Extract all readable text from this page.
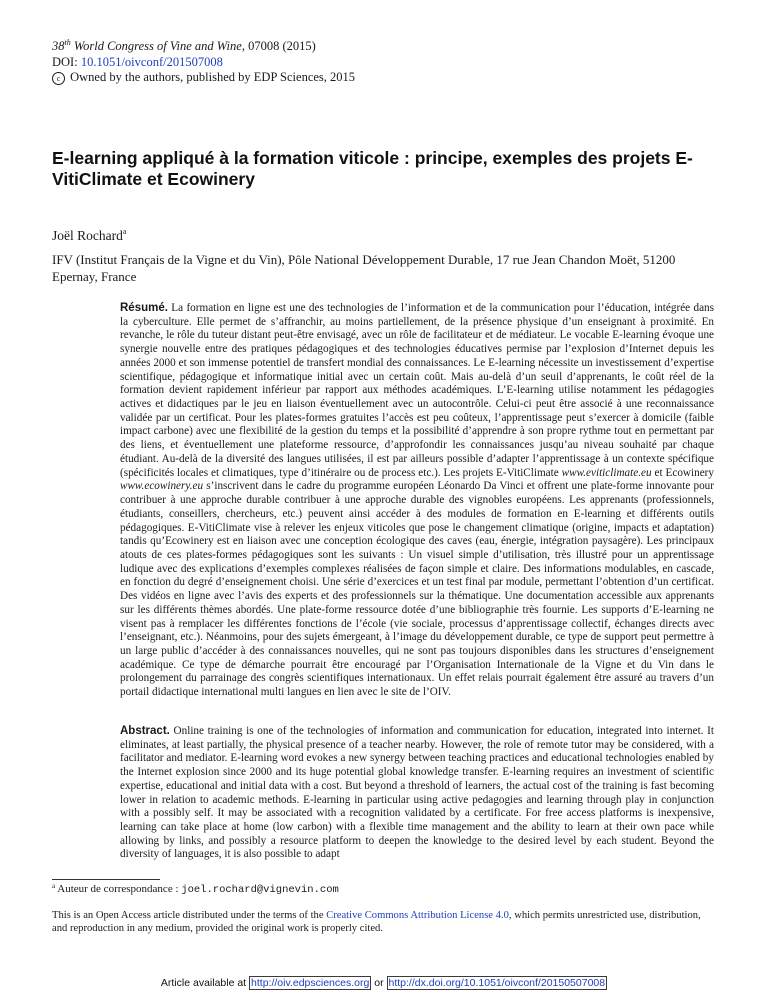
38th World Congress of Vine and Wine, 07008 (2015)
DOI: 10.1051/oivconf/201507008
c Owned by the authors, published by EDP Sciences, 2015
E-learning appliqué à la formation viticole : principe, exemples des projets E-VitiClimate et Ecowinery
Joël Rochard$^a$
IFV (Institut Français de la Vigne et du Vin), Pôle National Développement Durable, 17 rue Jean Chandon Moët, 51200 Epernay, France
Résumé. La formation en ligne est une des technologies de l’information et de la communication pour l’éducation, intégrée dans la cyberculture. Elle permet de s’affranchir, au moins partiellement, de la présence physique d’un enseignant à proximité. En revanche, le rôle du tuteur distant peut-être envisagé, avec un rôle de facilitateur et de médiateur. Le vocable E-learning évoque une synergie nouvelle entre des pratiques pédagogiques et des technologies éducatives permise par l’explosion d’Internet depuis les années 2000 et son immense potentiel de transfert mondial des connaissances. Le E-learning nécessite un investissement d’expertise scientifique, pédagogique et informatique initial avec un certain coût. Mais au-delà d’un seuil d’apprenants, le coût réel de la formation devient rapidement inférieur par rapport aux méthodes académiques. L’E-learning utilise notamment les pédagogies actives et didactiques par le jeu en liaison éventuellement avec un autocontrôle. Celui-ci peut être associé à une reconnaissance validée par un certificat. Pour les plates-formes gratuites l’accès est peu coûteux, l’apprentissage peut s’exercer à domicile (faible impact carbone) avec une flexibilité de la gestion du temps et la possibilité d’apprendre à son propre rythme tout en permettant par des liens, et éventuellement une plateforme ressource, d’approfondir les connaissances jusqu’au niveau souhaité par chaque étudiant. Au-delà de la diversité des langues utilisées, il est par ailleurs possible d’adapter l’apprentissage à un contexte spécifique (spécificités locales et climatiques, type d’itinéraire ou de process etc.). Les projets E-VitiClimate www.eviticlimate.eu et Ecowinery www.ecowinery.eu s’inscrivent dans le cadre du programme européen Léonardo Da Vinci et offrent une plate-forme innovante pour contribuer à une approche durable contribuer à une approche durable des vignobles européens. Les apprenants (professionnels, étudiants, conseillers, chercheurs, etc.) peuvent ainsi accéder à des modules de formation en E-learning et différents outils pédagogiques. E-VitiClimate vise à relever les enjeux viticoles que pose le changement climatique (origine, impacts et adaptation) tandis qu’Ecowinery est en liaison avec une conception écologique des caves (eau, énergie, intégration paysagère). Les principaux atouts de ces plates-formes pédagogiques sont les suivants : Un visuel simple d’utilisation, très illustré pour un apprentissage ludique avec des explications d’exemples complexes réalisées de façon simple et claire. Des informations modulables, en cascade, en fonction du degré d’enseignement choisi. Une série d’exercices et un test final par module, permettant l’obtention d’un certificat. Des vidéos en ligne avec l’avis des experts et des professionnels sur la thématique. Une documentation accessible aux apprenants sur les différents thèmes abordés. Une plate-forme ressource dotée d’une bibliographie très fournie. Les supports d’E-learning ne visent pas à remplacer les différentes fonctions de l’école (vie sociale, processus d’apprentissage collectif, échanges directs avec l’enseignant, etc.). Néanmoins, pour des sujets émergeant, à l’image du développement durable, ce type de support peut permettre à un large public d’accéder à des connaissances nouvelles, qui ne sont pas toujours disponibles dans les structures d’enseignement académique. Ce type de démarche pourrait être encouragé par l’Organisation Internationale de la Vigne et du Vin dans le prolongement du parrainage des congrès scientifiques internationaux. Un effet relais pourrait également être assuré au travers d’un portail didactique international multi langues en lien avec le site de l’OIV.
Abstract. Online training is one of the technologies of information and communication for education, integrated into internet. It eliminates, at least partially, the physical presence of a teacher nearby. However, the role of remote tutor may be considered, with a facilitator and mediator. E-learning word evokes a new synergy between teaching practices and educational technologies enabled by the Internet explosion since 2000 and its huge potential global knowledge transfer. E-learning requires an investment of scientific expertise, educational and initial data with a cost. But beyond a threshold of learners, the actual cost of the training is fast becoming lower in relation to academic methods. E-learning in particular using active pedagogies and learning through play in conjunction with a possibly self. It may be associated with a recognition validated by a certificate. For free access platforms is inexpensive, learning can take place at home (low carbon) with a flexible time management and the ability to learn at their own pace while allowing by links, and possibly a resource platform to deepen the knowledge to the desired level by each student. Beyond the diversity of languages, it is also possible to adapt
$^a$ Auteur de correspondance : joel.rochard@vignevin.com
This is an Open Access article distributed under the terms of the Creative Commons Attribution License 4.0, which permits unrestricted use, distribution, and reproduction in any medium, provided the original work is properly cited.
Article available at http://oiv.edpsciences.org or http://dx.doi.org/10.1051/oivconf/20150507008
